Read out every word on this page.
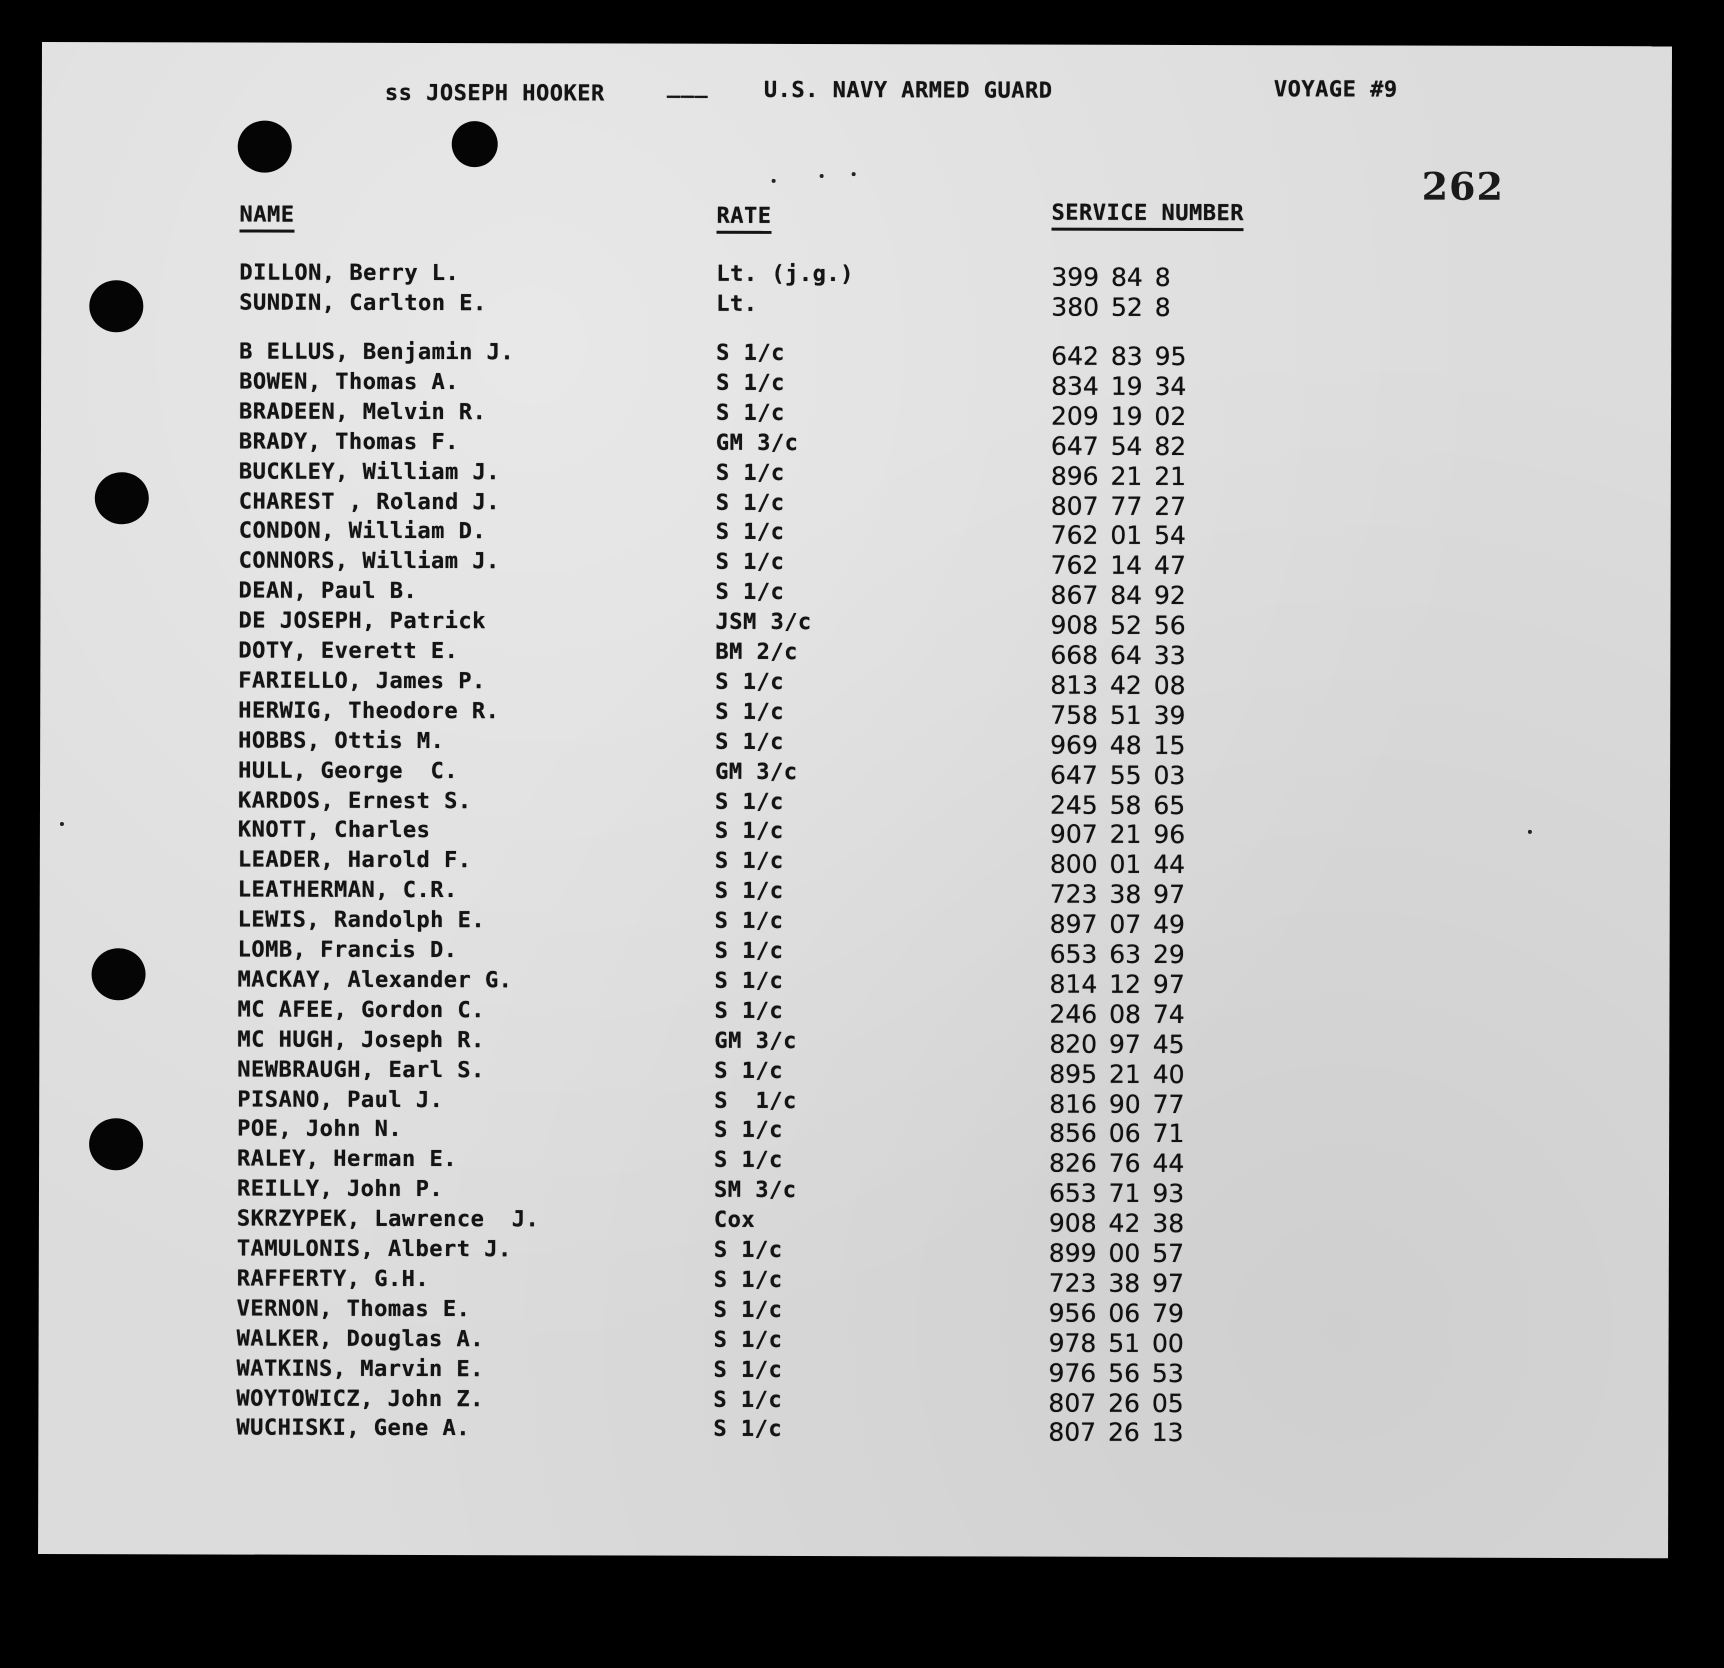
ss JOSEPH HOOKER	___	U.S. NAVY ARMED GUARD	VOYAGE #9
262
NAME	RATE	SERVICE NUMBER
DILLON, Berry L.	Lt. (j.g.)	399 84 8
SUNDIN, Carlton E.	Lt.	380 52 8
B ELLUS, Benjamin J.	S 1/c	642 83 95
BOWEN, Thomas A.	S 1/c	834 19 34
BRADEEN, Melvin R.	S 1/c	209 19 02
BRADY, Thomas F.	GM 3/c	647 54 82
BUCKLEY, William J.	S 1/c	896 21 21
CHAREST , Roland J.	S 1/c	807 77 27
CONDON, William D.	S 1/c	762 01 54
CONNORS, William J.	S 1/c	762 14 47
DEAN, Paul B.	S 1/c	867 84 92
DE JOSEPH, Patrick	JSM 3/c	908 52 56
DOTY, Everett E.	BM 2/c	668 64 33
FARIELLO, James P.	S 1/c	813 42 08
HERWIG, Theodore R.	S 1/c	758 51 39
HOBBS, Ottis M.	S 1/c	969 48 15
HULL, George  C.	GM 3/c	647 55 03
KARDOS, Ernest S.	S 1/c	245 58 65
KNOTT, Charles	S 1/c	907 21 96
LEADER, Harold F.	S 1/c	800 01 44
LEATHERMAN, C.R.	S 1/c	723 38 97
LEWIS, Randolph E.	S 1/c	897 07 49
LOMB, Francis D.	S 1/c	653 63 29
MACKAY, Alexander G.	S 1/c	814 12 97
MC AFEE, Gordon C.	S 1/c	246 08 74
MC HUGH, Joseph R.	GM 3/c	820 97 45
NEWBRAUGH, Earl S.	S 1/c	895 21 40
PISANO, Paul J.	S  1/c	816 90 77
POE, John N.	S 1/c	856 06 71
RALEY, Herman E.	S 1/c	826 76 44
REILLY, John P.	SM 3/c	653 71 93
SKRZYPEK, Lawrence  J.	Cox	908 42 38
TAMULONIS, Albert J.	S 1/c	899 00 57
RAFFERTY, G.H.	S 1/c	723 38 97
VERNON, Thomas E.	S 1/c	956 06 79
WALKER, Douglas A.	S 1/c	978 51 00
WATKINS, Marvin E.	S 1/c	976 56 53
WOYTOWICZ, John Z.	S 1/c	807 26 05
WUCHISKI, Gene A.	S 1/c	807 26 13
